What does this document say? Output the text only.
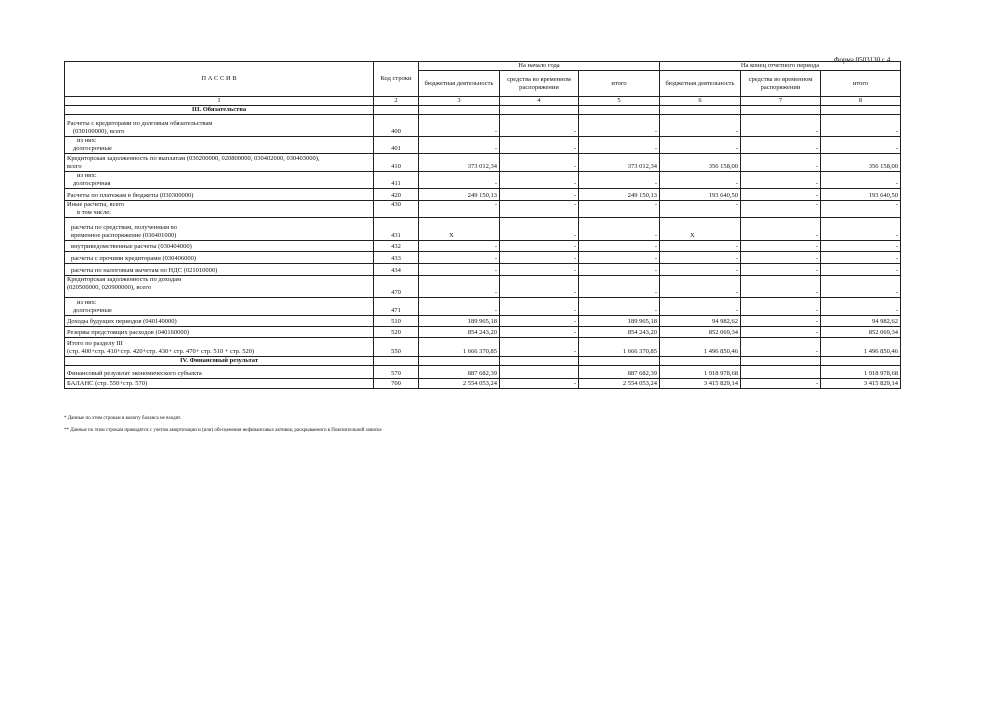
Форма 0503130 с.4
П А С С И В	Код строки	На начало года			На конец отчетного периода		
		бюджетная деятельность	средства во временном распоряжении	итого	бюджетная деятельность	средства во временном распоряжении	итого
1	2	3	4	5	6	7	8
III. Обязательства							

Расчеты с кредиторами по долговым обязательствам
(030100000), всего	400	-	-	-	-	-	-

из них:
долгосрочные	401	-	-	-	-	-	-

Кредиторская задолженность по выплатам (030200000, 020800000, 030402000, 030403000),
всего	410	373 012,34	-	373 012,34	356 158,00	-	356 158,00

из них:
долгосрочная	411	-	-	-	-	-	-
Расчеты по платежам в бюджеты (030300000)	420	249 150,13	-	249 150,13	193 640,50	-	193 640,50

Иные расчеты, всего
в том числе:	430	-	-	-	-	-	-

расчеты по средствам, полученным во
временное распоряжение (030401000)	431	X	-	-	X	-	-
внутриведомственные расчеты (030404000)	432	-	-	-	-	-	-
расчеты с прочими кредиторами (030406000)	433	-	-	-	-	-	-
расчеты по налоговым вычетам по НДС (021010000)	434	-	-	-	-	-	-

Кредиторская задолженность по доходам
(020500000, 020900000), всего	470	-	-	-	-	-	-

из них:
долгосрочные	471	-	-	-	-	-	-
Доходы будущих периодов (040140000)	510	189 965,18	-	189 965,18	94 982,62	-	94 982,62
Резервы предстоящих расходов (040160000)	520	854 243,20	-	854 243,20	852 069,34	-	852 069,34

Итого по разделу III
(стр. 400+стр. 410+стр. 420+стр. 430+ стр. 470+ стр. 510 + стр. 520)	550	1 666 370,85	-	1 666 370,85	1 496 850,46	-	1 496 850,46
IV. Финансовый результат							
Финансовый результат экономического субъекта	570	887 682,39		887 682,39	1 918 978,68		1 918 978,68
БАЛАНС (стр. 550+стр. 570)	700	2 554 053,24	-	2 554 053,24	3 415 829,14	-	3 415 829,14
* Данные по этим строкам в валюту баланса не входят.
** Данные по этим строкам приводятся с учетом амортизации и (или) обесценения нефинансовых активов, раскрываемого в Пояснительной записке
